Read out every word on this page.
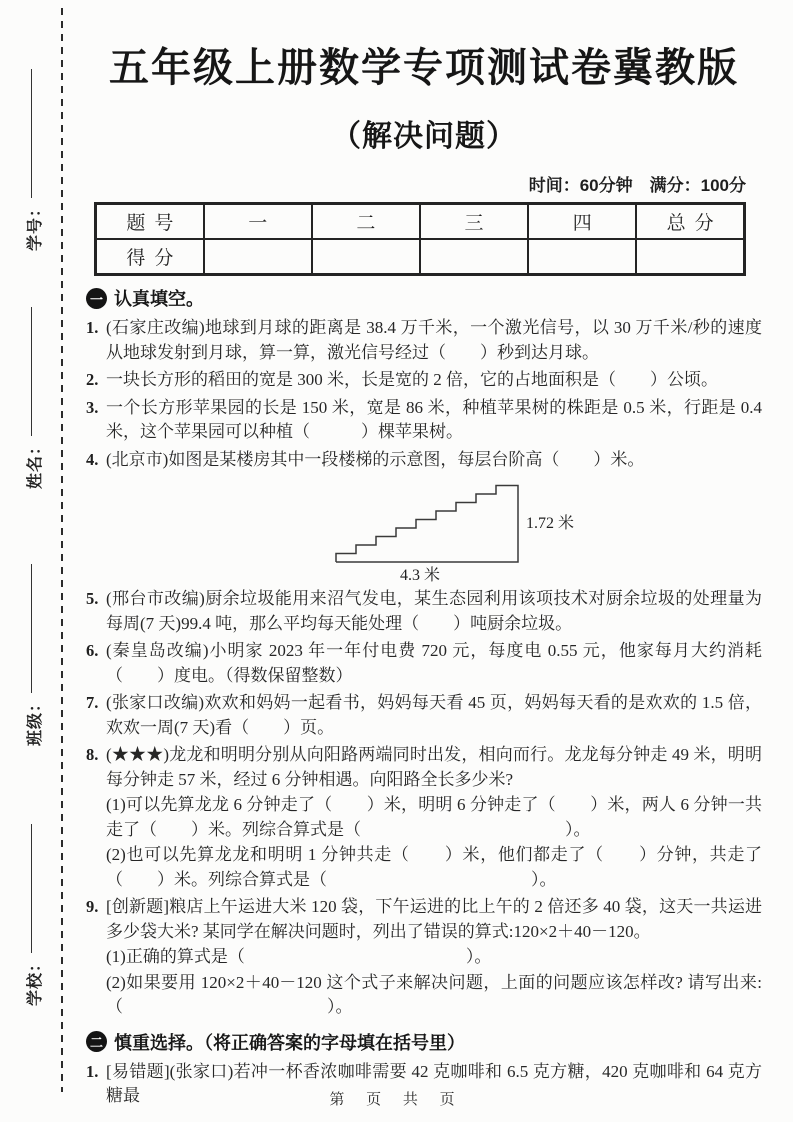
学号：
姓名：
班级：
学校：
五年级上册数学专项测试卷冀教版
（解决问题）
时间：60分钟　满分：100分
题号	一	二	三	四	总分
得分					
一 认真填空。
1. (石家庄改编)地球到月球的距离是 38.4 万千米，一个激光信号，以 30 万千米/秒的速度从地球发射到月球，算一算，激光信号经过（　　）秒到达月球。
2. 一块长方形的稻田的宽是 300 米，长是宽的 2 倍，它的占地面积是（　　）公顷。
3. 一个长方形苹果园的长是 150 米，宽是 86 米，种植苹果树的株距是 0.5 米，行距是 0.4 米，这个苹果园可以种植（　　　）棵苹果树。
4. (北京市)如图是某楼房其中一段楼梯的示意图，每层台阶高（　　）米。
1.72 米
4.3 米
5. (邢台市改编)厨余垃圾能用来沼气发电，某生态园利用该项技术对厨余垃圾的处理量为每周(7 天)99.4 吨，那么平均每天能处理（　　）吨厨余垃圾。
6. (秦皇岛改编)小明家 2023 年一年付电费 720 元，每度电 0.55 元，他家每月大约消耗（　　）度电。（得数保留整数）
7. (张家口改编)欢欢和妈妈一起看书，妈妈每天看 45 页，妈妈每天看的是欢欢的 1.5 倍，欢欢一周(7 天)看（　　）页。
8. (★★★)龙龙和明明分别从向阳路两端同时出发，相向而行。龙龙每分钟走 49 米，明明每分钟走 57 米，经过 6 分钟相遇。向阳路全长多少米?
(1)可以先算龙龙 6 分钟走了（　　）米，明明 6 分钟走了（　　）米，两人 6 分钟一共走了（　　）米。列综合算式是（　　　　　　　　　　　　）。
(2)也可以先算龙龙和明明 1 分钟共走（　　）米，他们都走了（　　）分钟，共走了（　　）米。列综合算式是（　　　　　　　　　　　　）。
9. [创新题]粮店上午运进大米 120 袋，下午运进的比上午的 2 倍还多 40 袋，这天一共运进多少袋大米? 某同学在解决问题时，列出了错误的算式:120×2＋40－120。
(1)正确的算式是（　　　　　　　　　　　　　）。
(2)如果要用 120×2＋40－120 这个式子来解决问题，上面的问题应该怎样改? 请写出来:（　　　　　　　　　　　　）。
二 慎重选择。（将正确答案的字母填在括号里）
1. [易错题](张家口)若冲一杯香浓咖啡需要 42 克咖啡和 6.5 克方糖，420 克咖啡和 64 克方糖最	第 页 共 页
